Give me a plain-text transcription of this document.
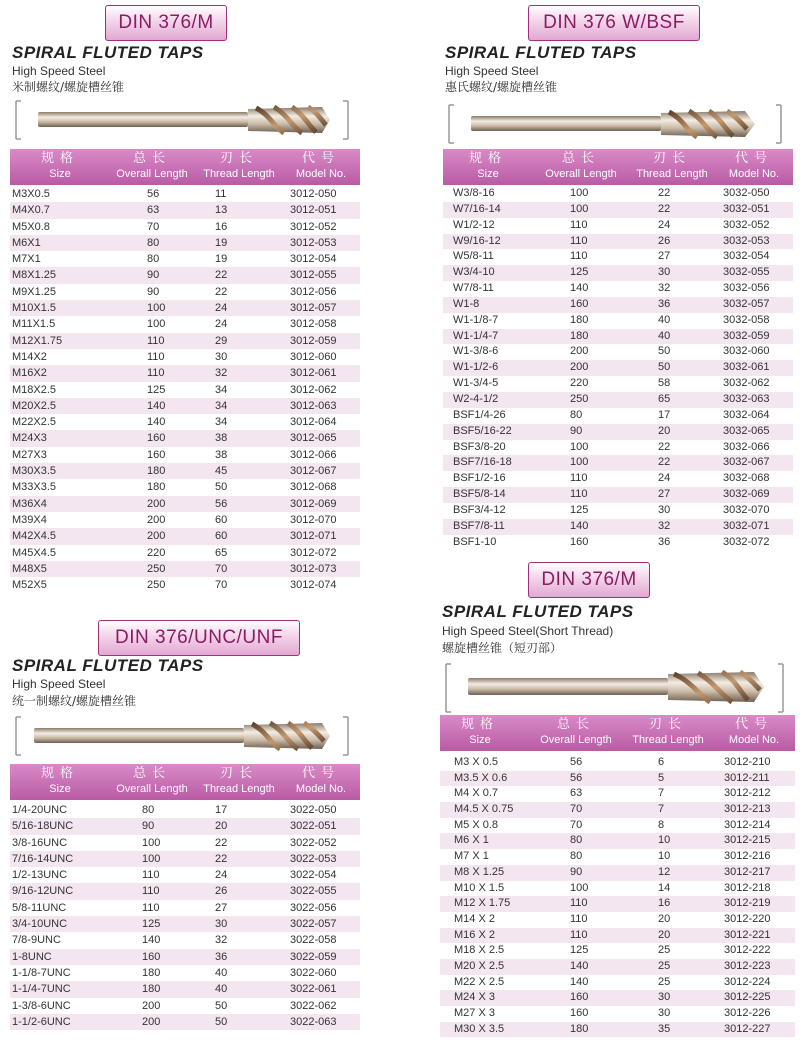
DIN 376/M
SPIRAL FLUTED TAPS
High Speed Steel
米制螺纹/螺旋槽丝锥
规格
Size
总长
Overall Length
刃长
Thread Length
代号
Model No.
M3X0.5	56	11	3012-050
M4X0.7	63	13	3012-051
M5X0.8	70	16	3012-052
M6X1	80	19	3012-053
M7X1	80	19	3012-054
M8X1.25	90	22	3012-055
M9X1.25	90	22	3012-056
M10X1.5	100	24	3012-057
M11X1.5	100	24	3012-058
M12X1.75	110	29	3012-059
M14X2	110	30	3012-060
M16X2	110	32	3012-061
M18X2.5	125	34	3012-062
M20X2.5	140	34	3012-063
M22X2.5	140	34	3012-064
M24X3	160	38	3012-065
M27X3	160	38	3012-066
M30X3.5	180	45	3012-067
M33X3.5	180	50	3012-068
M36X4	200	56	3012-069
M39X4	200	60	3012-070
M42X4.5	200	60	3012-071
M45X4.5	220	65	3012-072
M48X5	250	70	3012-073
M52X5	250	70	3012-074
DIN 376 W/BSF
SPIRAL FLUTED TAPS
High Speed Steel
惠氏螺纹/螺旋槽丝锥
规格
Size
总长
Overall Length
刃长
Thread Length
代号
Model No.
W3/8-16	100	22	3032-050
W7/16-14	100	22	3032-051
W1/2-12	110	24	3032-052
W9/16-12	110	26	3032-053
W5/8-11	110	27	3032-054
W3/4-10	125	30	3032-055
W7/8-11	140	32	3032-056
W1-8	160	36	3032-057
W1-1/8-7	180	40	3032-058
W1-1/4-7	180	40	3032-059
W1-3/8-6	200	50	3032-060
W1-1/2-6	200	50	3032-061
W1-3/4-5	220	58	3032-062
W2-4-1/2	250	65	3032-063
BSF1/4-26	80	17	3032-064
BSF5/16-22	90	20	3032-065
BSF3/8-20	100	22	3032-066
BSF7/16-18	100	22	3032-067
BSF1/2-16	110	24	3032-068
BSF5/8-14	110	27	3032-069
BSF3/4-12	125	30	3032-070
BSF7/8-11	140	32	3032-071
BSF1-10	160	36	3032-072
DIN 376/UNC/UNF
SPIRAL FLUTED TAPS
High Speed Steel
统一制螺纹/螺旋槽丝锥
规格
Size
总长
Overall Length
刃长
Thread Length
代号
Model No.
1/4-20UNC	80	17	3022-050
5/16-18UNC	90	20	3022-051
3/8-16UNC	100	22	3022-052
7/16-14UNC	100	22	3022-053
1/2-13UNC	110	24	3022-054
9/16-12UNC	110	26	3022-055
5/8-11UNC	110	27	3022-056
3/4-10UNC	125	30	3022-057
7/8-9UNC	140	32	3022-058
1-8UNC	160	36	3022-059
1-1/8-7UNC	180	40	3022-060
1-1/4-7UNC	180	40	3022-061
1-3/8-6UNC	200	50	3022-062
1-1/2-6UNC	200	50	3022-063
DIN 376/M
SPIRAL FLUTED TAPS
High Speed Steel(Short Thread)
螺旋槽丝锥（短刃部）
规格
Size
总长
Overall Length
刃长
Thread Length
代号
Model No.
M3 X 0.5	56	6	3012-210
M3.5 X 0.6	56	5	3012-211
M4 X 0.7	63	7	3012-212
M4.5 X 0.75	70	7	3012-213
M5 X 0.8	70	8	3012-214
M6 X 1	80	10	3012-215
M7 X 1	80	10	3012-216
M8 X 1.25	90	12	3012-217
M10 X 1.5	100	14	3012-218
M12 X 1.75	110	16	3012-219
M14 X 2	110	20	3012-220
M16 X 2	110	20	3012-221
M18 X 2.5	125	25	3012-222
M20 X 2.5	140	25	3012-223
M22 X 2.5	140	25	3012-224
M24 X 3	160	30	3012-225
M27 X 3	160	30	3012-226
M30 X 3.5	180	35	3012-227
